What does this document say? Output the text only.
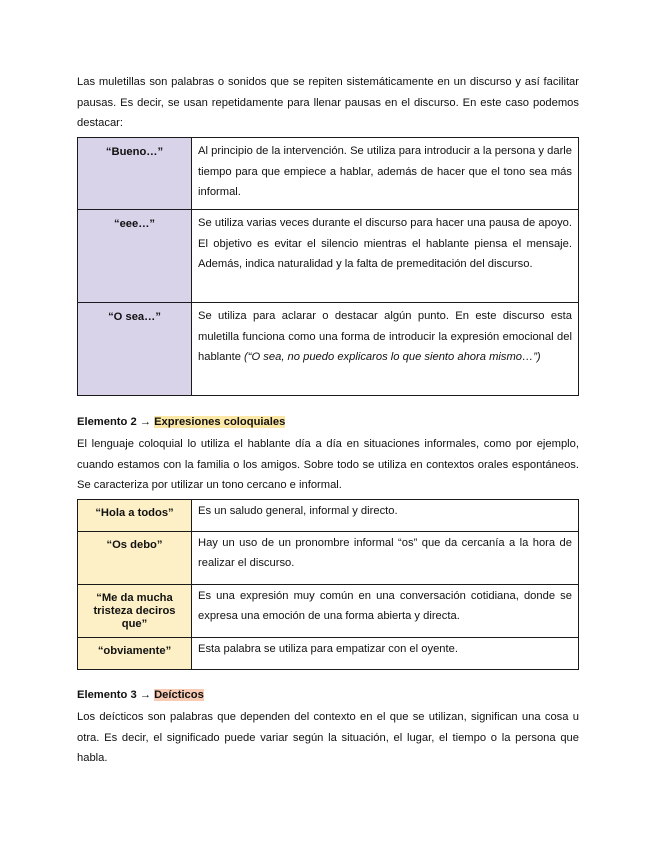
Las muletillas son palabras o sonidos que se repiten sistemáticamente en un discurso y así facilitar pausas. Es decir, se usan repetidamente para llenar pausas en el discurso. En este caso podemos destacar:

“Bueno…”	Al principio de la intervención. Se utiliza para introducir a la persona y darle tiempo para que empiece a hablar, además de hacer que el tono sea más informal.
“eee…”	Se utiliza varias veces durante el discurso para hacer una pausa de apoyo. El objetivo es evitar el silencio mientras el hablante piensa el mensaje. Además, indica naturalidad y la falta de premeditación del discurso.
“O sea…”	Se utiliza para aclarar o destacar algún punto. En este discurso esta muletilla funciona como una forma de introducir la expresión emocional del hablante (“O sea, no puedo explicaros lo que siento ahora mismo…”)
Elemento 2 → Expresiones coloquiales

El lenguaje coloquial lo utiliza el hablante día a día en situaciones informales, como por ejemplo, cuando estamos con la familia o los amigos. Sobre todo se utiliza en contextos orales espontáneos. Se caracteriza por utilizar un tono cercano e informal.

“Hola a todos”	Es un saludo general, informal y directo.
“Os debo”	Hay un uso de un pronombre informal “os” que da cercanía a la hora de realizar el discurso.
“Me da mucha tristeza deciros que”	Es una expresión muy común en una conversación cotidiana, donde se expresa una emoción de una forma abierta y directa.
“obviamente”	Esta palabra se utiliza para empatizar con el oyente.
Elemento 3 → Deícticos

Los deícticos son palabras que dependen del contexto en el que se utilizan, significan una cosa u otra. Es decir, el significado puede variar según la situación, el lugar, el tiempo o la persona que habla.
